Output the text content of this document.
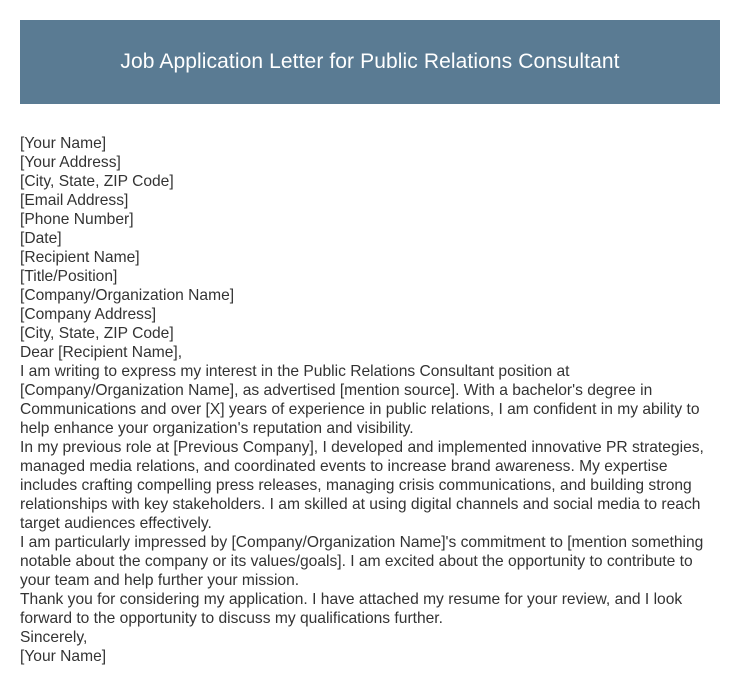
Job Application Letter for Public Relations Consultant
[Your Name]
[Your Address]
[City, State, ZIP Code]
[Email Address]
[Phone Number]
[Date]
[Recipient Name]
[Title/Position]
[Company/Organization Name]
[Company Address]
[City, State, ZIP Code]
Dear [Recipient Name],
I am writing to express my interest in the Public Relations Consultant position at [Company/Organization Name], as advertised [mention source]. With a bachelor's degree in Communications and over [X] years of experience in public relations, I am confident in my ability to help enhance your organization's reputation and visibility.
In my previous role at [Previous Company], I developed and implemented innovative PR strategies, managed media relations, and coordinated events to increase brand awareness. My expertise includes crafting compelling press releases, managing crisis communications, and building strong relationships with key stakeholders. I am skilled at using digital channels and social media to reach target audiences effectively.
I am particularly impressed by [Company/Organization Name]'s commitment to [mention something notable about the company or its values/goals]. I am excited about the opportunity to contribute to your team and help further your mission.
Thank you for considering my application. I have attached my resume for your review, and I look forward to the opportunity to discuss my qualifications further.
Sincerely,
[Your Name]
